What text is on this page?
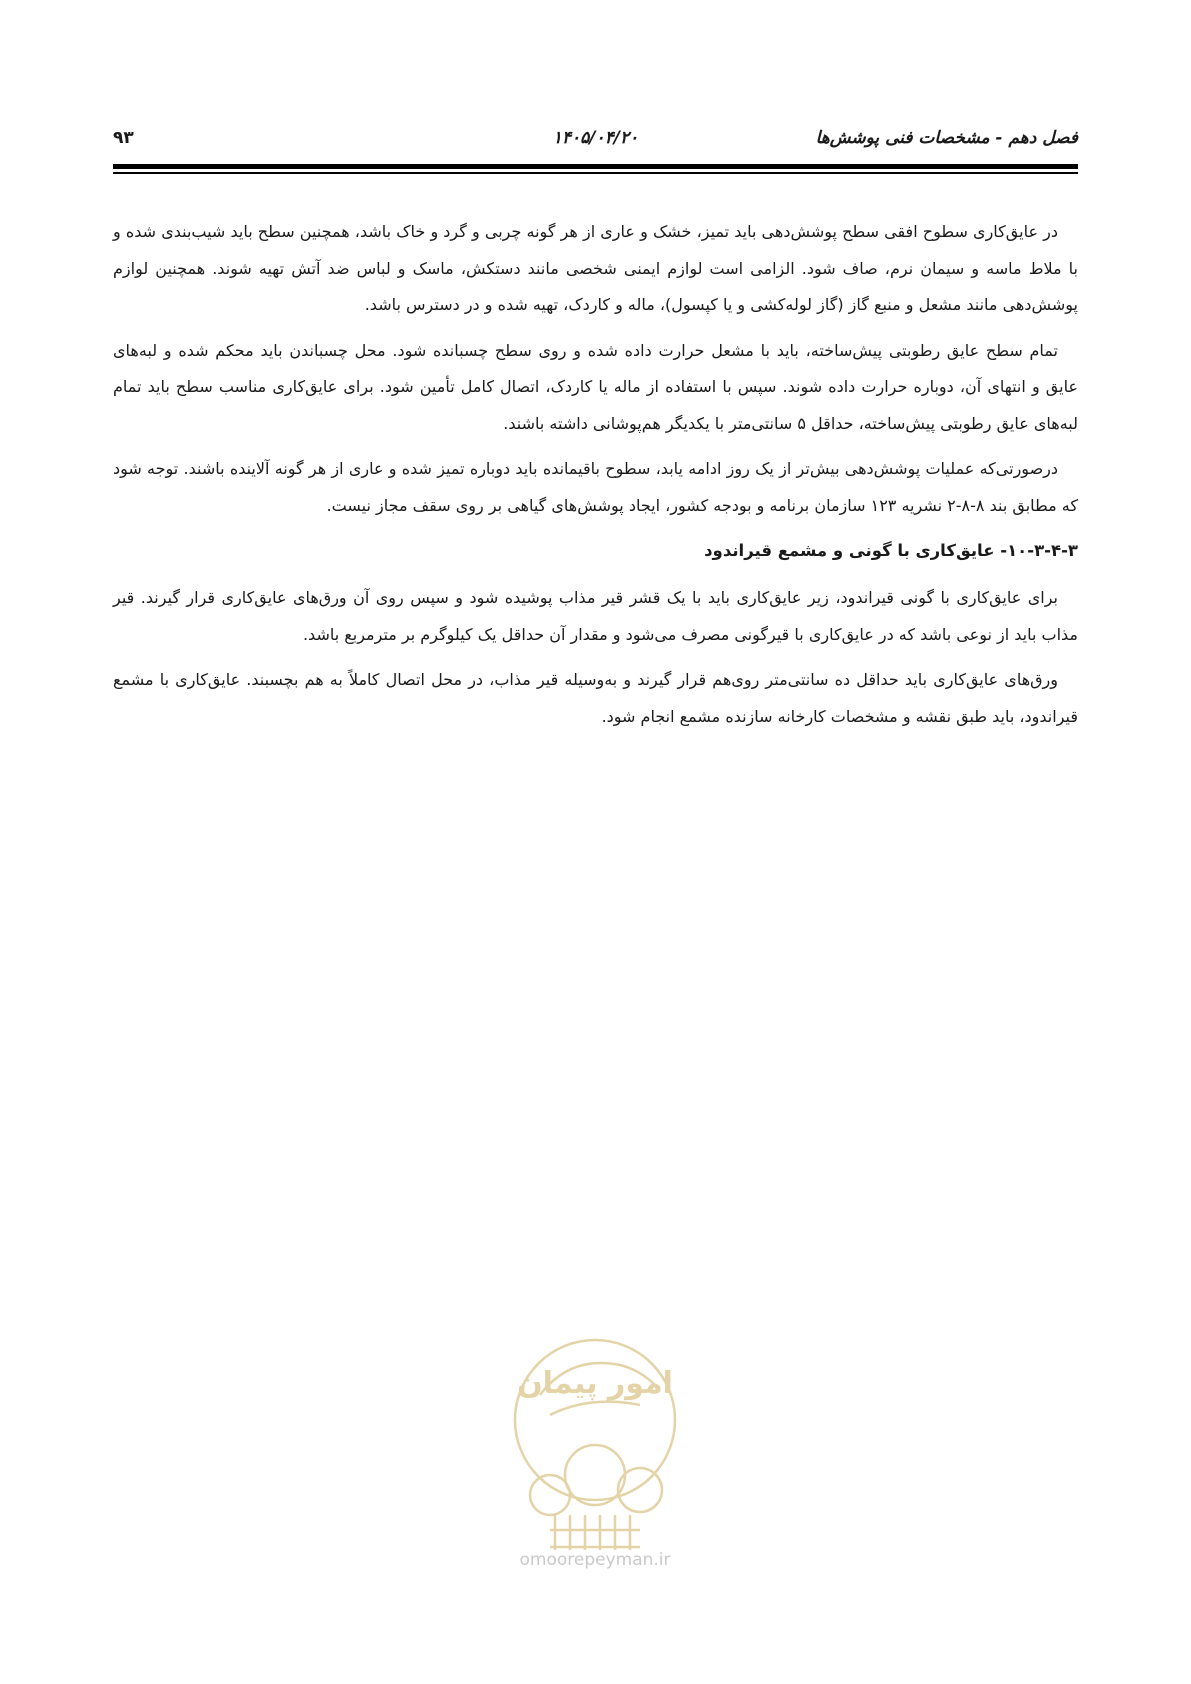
فصل دهم - مشخصات فنی پوشش‌ها
۱۴۰۵/۰۴/۲۰
۹۳

در عایق‌کاری سطوح افقی سطح پوشش‌دهی باید تمیز، خشک و عاری از هر گونه چربی و گرد و خاک باشد، همچنین سطح باید شیب‌بندی شده و با ملاط ماسه و سیمان نرم، صاف شود. الزامی است لوازم ایمنی شخصی مانند دستکش، ماسک و لباس ضد آتش تهیه شوند. همچنین لوازم پوشش‌دهی مانند مشعل و منبع گاز (گاز لوله‌کشی و یا کپسول)، ماله و کاردک، تهیه شده و در دسترس باشد.

تمام سطح عایق رطوبتی پیش‌ساخته، باید با مشعل حرارت داده شده و روی سطح چسبانده شود. محل چسباندن باید محکم شده و لبه‌های عایق و انتهای آن، دوباره حرارت داده شوند. سپس با استفاده از ماله یا کاردک، اتصال کامل تأمین شود. برای عایق‌کاری مناسب سطح باید تمام لبه‌های عایق رطوبتی پیش‌ساخته، حداقل ۵ سانتی‌متر با یکدیگر هم‌پوشانی داشته باشند.

درصورتی‌که عملیات پوشش‌دهی بیش‌تر از یک روز ادامه یابد، سطوح باقیمانده باید دوباره تمیز شده و عاری از هر گونه آلاینده باشند. توجه شود که مطابق بند ۸-۸-۲ نشریه ۱۲۳ سازمان برنامه و بودجه کشور، ایجاد پوشش‌های گیاهی بر روی سقف مجاز نیست.

۱۰-۳-۴-۳- عایق‌کاری با گونی و مشمع قیراندود

برای عایق‌کاری با گونی قیراندود، زیر عایق‌کاری باید با یک قشر قیر مذاب پوشیده شود و سپس روی آن ورق‌های عایق‌کاری قرار گیرند. قیر مذاب باید از نوعی باشد که در عایق‌کاری با قیرگونی مصرف می‌شود و مقدار آن حداقل یک کیلوگرم بر مترمربع باشد.

ورق‌های عایق‌کاری باید حداقل ده سانتی‌متر روی‌هم قرار گیرند و به‌وسیله قیر مذاب، در محل اتصال کاملاً به هم بچسبند. عایق‌کاری با مشمع قیراندود، باید طبق نقشه و مشخصات کارخانه سازنده مشمع انجام شود.

امور پیمان
omoorepeyman.ir
